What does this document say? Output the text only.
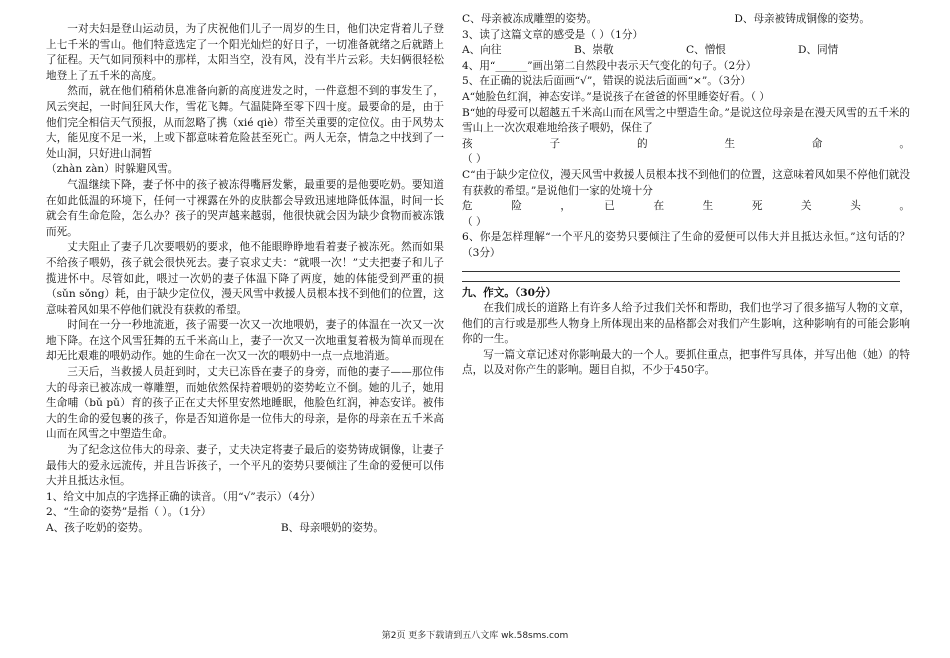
一对夫妇是登山运动员，为了庆祝他们儿子一周岁的生日，他们决定背着儿子登上七千米的雪山。他们特意选定了一个阳光灿烂的好日子，一切准备就绪之后就踏上了征程。天气如同预料中的那样，太阳当空，没有风，没有半片云彩。夫妇俩很轻松地登上了五千米的高度。

然而，就在他们稍稍休息准备向新的高度进发之时，一件意想不到的事发生了，风云突起，一时间狂风大作，雪花飞舞。气温陡降至零下四十度。最要命的是，由于他们完全相信天气预报，从而忽略了携（xié qiè）带至关重要的定位仪。由于风势太大，能见度不足一米，上或下都意味着危险甚至死亡。两人无奈，情急之中找到了一处山洞，只好进山洞暂

（zhàn zàn）时躲避风雪。

气温继续下降，妻子怀中的孩子被冻得嘴唇发紫，最重要的是他要吃奶。要知道在如此低温的环境下，任何一寸裸露在外的皮肤都会导致迅速地降低体温，时间一长就会有生命危险，怎么办？孩子的哭声越来越弱，他很快就会因为缺少食物而被冻饿而死。

丈夫阻止了妻子几次要喂奶的要求，他不能眼睁睁地看着妻子被冻死。然而如果不给孩子喂奶，孩子就会很快死去。妻子哀求丈夫：“就喂一次！”丈夫把妻子和儿子揽进怀中。尽管如此，喂过一次奶的妻子体温下降了两度，她的体能受到严重的损（sǔn sǒng）耗，由于缺少定位仪，漫天风雪中救援人员根本找不到他们的位置，这意味着风如果不停他们就没有获救的希望。

时间在一分一秒地流逝，孩子需要一次又一次地喂奶，妻子的体温在一次又一次地下降。在这个风雪狂舞的五千米高山上，妻子一次又一次地重复着极为简单而现在却无比艰难的喂奶动作。她的生命在一次又一次的喂奶中一点一点地消逝。

三天后，当救援人员赶到时，丈夫已冻昏在妻子的身旁，而他的妻子——那位伟大的母亲已被冻成一尊雕塑，而她依然保持着喂奶的姿势屹立不倒。她的儿子，她用生命哺（bǔ pǔ）育的孩子正在丈夫怀里安然地睡眠，他脸色红润，神态安详。被伟大的生命的爱包裹的孩子，你是否知道你是一位伟大的母亲，是你的母亲在五千米高山而在风雪之中塑造生命。

为了纪念这位伟大的母亲、妻子，丈夫决定将妻子最后的姿势铸成铜像，让妻子最伟大的爱永远流传，并且告诉孩子，一个平凡的姿势只要倾注了生命的爱便可以伟大并且抵达永恒。

1、给文中加点的字选择正确的读音。（用“√”表示）（4分）

2、“生命的姿势”是指（ ）。（1分）

A、孩子吃奶的姿势。	B、母亲喂奶的姿势。
C、母亲被冻成雕塑的姿势。	D、母亲被铸成铜像的姿势。

3、读了这篇文章的感受是（ ）（1分）

A、向往	B、崇敬	C、憎恨	D、同情

4、用“______”画出第二自然段中表示天气变化的句子。（2分）

5、在正确的说法后面画“√”，错误的说法后面画“×”。（3分）

A“她脸色红润，神态安详。”是说孩子在爸爸的怀里睡姿好看。（ ）

B“她的母爱可以超越五千米高山而在风雪之中塑造生命。”是说这位母亲是在漫天风雪的五千米的雪山上一次次艰难地给孩子喂奶，保住了

孩　子　的　生　命　。

（ ）

C“由于缺少定位仪，漫天风雪中救援人员根本找不到他们的位置，这意味着风如果不停他们就没有获救的希望。”是说他们一家的处境十分

危　险　，　已　在　生　死　关　头　。

（ ）

6、你是怎样理解“一个平凡的姿势只要倾注了生命的爱便可以伟大并且抵达永恒。”这句话的？（3分）

九、作文。（30分）

在我们成长的道路上有许多人给予过我们关怀和帮助，我们也学习了很多描写人物的文章，他们的言行或是那些人物身上所体现出来的品格都会对我们产生影响，这种影响有的可能会影响你的一生。

写一篇文章记述对你影响最大的一个人。要抓住重点，把事件写具体，并写出他（她）的特点，以及对你产生的影响。题目自拟，不少于450字。

第2页 更多下载请到五八文库 wk.58sms.com
